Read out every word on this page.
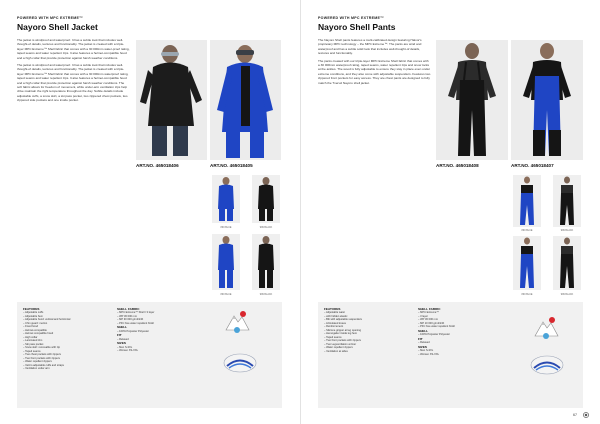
POWERED WITH MPC EXTREME™
Nayoro Shell Jacket

The jacket is windproof and waterproof. It has a subtle look that includes well-thought-of details, textures and functionality. The jacket is created with a triple-layer MPC Extreme™ Shell fabric that comes with a 30 000mm water-proof rating, taped seams and water repellent zips. It also features a helmet-compatible hood and a high collar that provide protection against harsh weather conditions.

The jacket is windproof and waterproof. It has a subtle look that includes well-thought-of details, textures and functionality. The jacket is created with a triple-layer MPC Extreme™ Shell fabric that comes with a 30 000mm waterproof rating, taped seams and water repellent zips. It also features a helmet-compatible hood and a high collar that provide protection against harsh weather conditions. The soft fabric allows for freedom of movement, while under-arm ventilation zips help drive maintain the right temperature throughout the day. Subtle details include adjustable cuffs, a snow skirt, a ski pass pocket, two zippered chest pockets, two zippered side pockets and one inside pocket.

ART.NO. 465018406	ART.NO. 465018405
890 BLUE	999 BLACK
890 BLUE	999 BLACK
FEATURES
– Adjustable cuffs
– Adjustable hem
– Adjustable hood: vertical and horizontal
– Chin guard: merino
– Fixed hood
– Helmet-compatible
– Helmet compatible hood
– High collar
– Laminated trim
– Ski pass pocket
– Snow skirt: removable with zip
– Taped seams
– Two chest pockets with zippers
– Two front pockets with zippers
– Water repellent zippers
– Velcro adjustable cuffs and straps
– Ventilation under arm
SHELL FABRIC
– MPC Extreme™ Shell / 3 layer
– WP 30 000 mm
– MP 30 000 g/m2/24h
– PFC free water repellent finish
SHELL
– 100% Polyester Polyester
FIT
– Relaxed
SIZES
– Men S-3XL
– Women XS-XXL
POWERED WITH MPC EXTREME™
Nayoro Shell Pants

The Nayoro Shell pants features a multi-calibrated design featuring Halvor's proprietary MPC technology – the MPC Extreme™. The pants are wind and waterproof and has a subtle solid look that includes well-thought-of details, textures and functionality.

The pants created with our triple-layer MPC Extreme Shell fabric that comes with a 30 000mm waterproof rating, taped seams, water repellent zips and snow locks at the ankles. The wood is fully adjustable to ensure they stay in place even under extreme conditions, and they also come with adjustable suspenders. Features two zippered front pockets for easy access. They are chest pants are designed to fully match the Tverud Nayoro shell jacket.

ART.NO. 465018408	ART.NO. 465018407
890 BLUE	999 BLACK
890 BLUE	999 BLACK
FEATURES
– Adjustable waist
– with hidden elastic
– Bib with adjustable suspenders
– Articulated knees
– Reinforcement
– Silicone gripper at leg opening
– Hemogaiter inside leg hem
– Taped seams
– Two front pockets with zippers
– Two Legventilation at liner
– Water repellent zippers
– Ventilation at sides
SHELL FABRIC
– MPC Extreme™
– 3 layer
– WP 30 000 mm
– MP 10 000 g/m2/24h
– PFC free water repellent finish
SHELL
– 100% Polyester Polyester
FIT
– Relaxed
SIZES
– Men S-3XL
– Women XS-XXL
67
